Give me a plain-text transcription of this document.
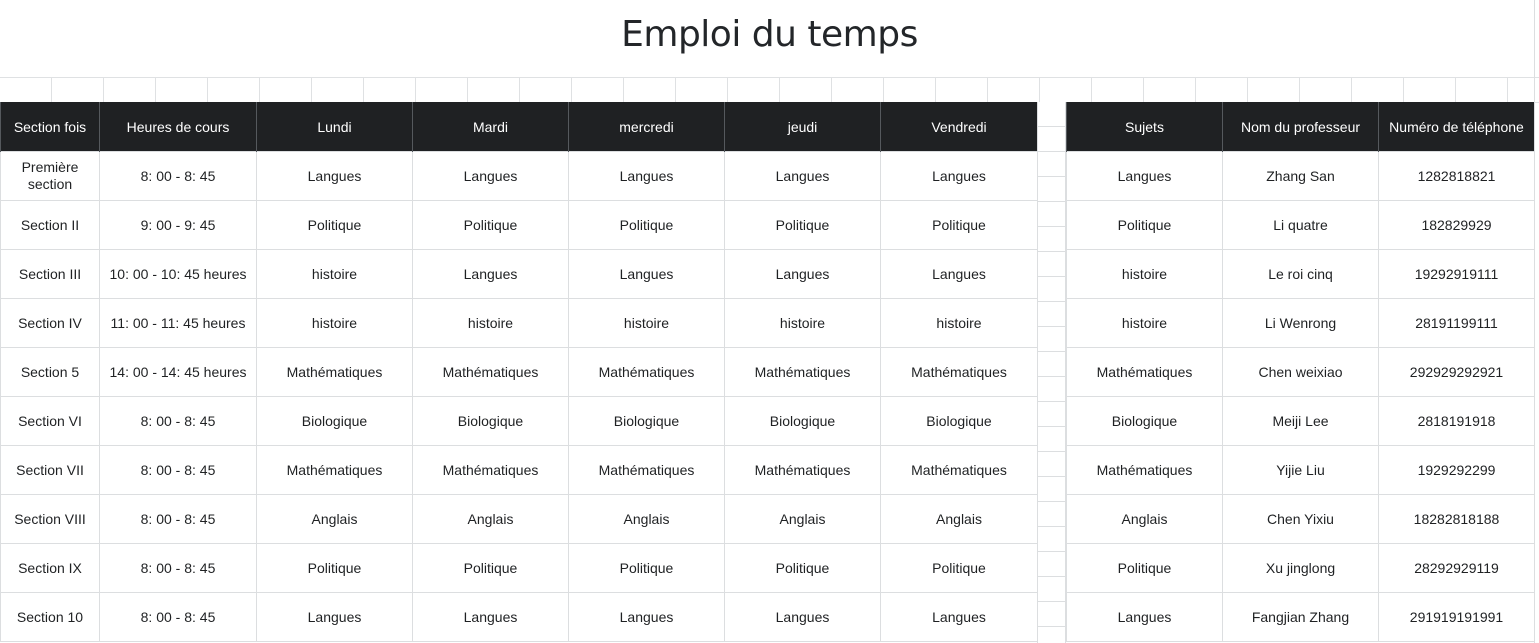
Emploi du temps
Section fois	Heures de cours	Lundi	Mardi	mercredi	jeudi	Vendredi
Première section	8: 00 - 8: 45	Langues	Langues	Langues	Langues	Langues
Section II	9: 00 - 9: 45	Politique	Politique	Politique	Politique	Politique
Section III	10: 00 - 10: 45 heures	histoire	Langues	Langues	Langues	Langues
Section IV	11: 00 - 11: 45 heures	histoire	histoire	histoire	histoire	histoire
Section 5	14: 00 - 14: 45 heures	Mathématiques	Mathématiques	Mathématiques	Mathématiques	Mathématiques
Section VI	8: 00 - 8: 45	Biologique	Biologique	Biologique	Biologique	Biologique
Section VII	8: 00 - 8: 45	Mathématiques	Mathématiques	Mathématiques	Mathématiques	Mathématiques
Section VIII	8: 00 - 8: 45	Anglais	Anglais	Anglais	Anglais	Anglais
Section IX	8: 00 - 8: 45	Politique	Politique	Politique	Politique	Politique
Section 10	8: 00 - 8: 45	Langues	Langues	Langues	Langues	Langues
Sujets	Nom du professeur	Numéro de téléphone
Langues	Zhang San	1282818821
Politique	Li quatre	182829929
histoire	Le roi cinq	19292919111
histoire	Li Wenrong	28191199111
Mathématiques	Chen weixiao	292929292921
Biologique	Meiji Lee	2818191918
Mathématiques	Yijie Liu	1929292299
Anglais	Chen Yixiu	18282818188
Politique	Xu jinglong	28292929119
Langues	Fangjian Zhang	291919191991
